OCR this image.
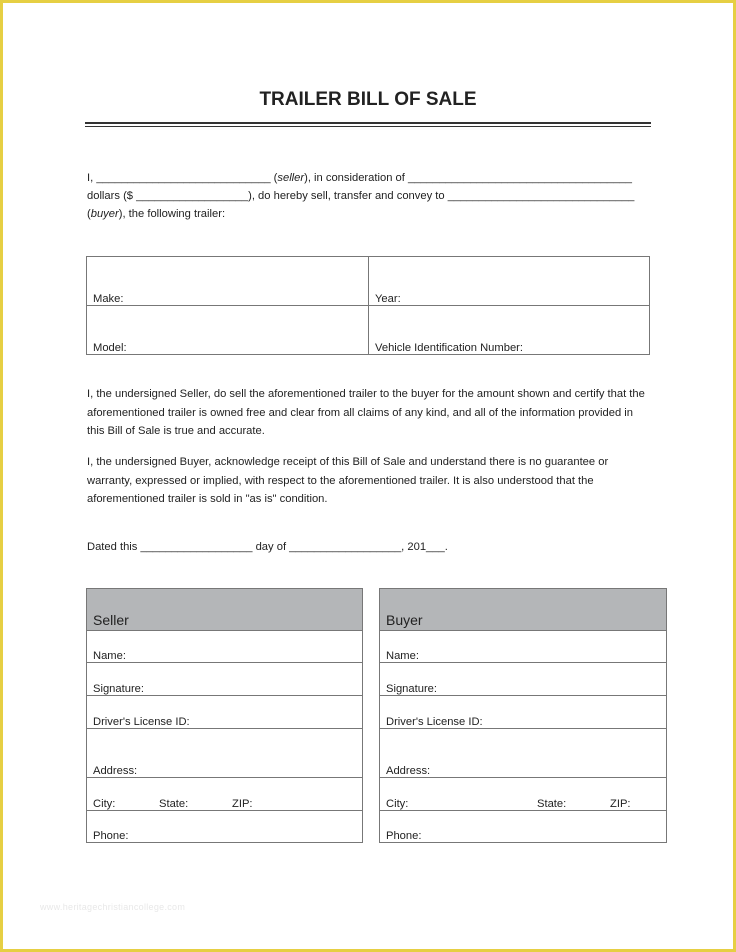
TRAILER BILL OF SALE
I, ____________________________ (seller), in consideration of ____________________________________
dollars ($ __________________), do hereby sell, transfer and convey to ______________________________
(buyer), the following trailer:
Make:	Year:
Model:	Vehicle Identification Number:
I, the undersigned Seller, do sell the aforementioned trailer to the buyer for the amount shown and certify that the aforementioned trailer is owned free and clear from all claims of any kind, and all of the information provided in this Bill of Sale is true and accurate.
I, the undersigned Buyer, acknowledge receipt of this Bill of Sale and understand there is no guarantee or warranty, expressed or implied, with respect to the aforementioned trailer. It is also understood that the aforementioned trailer is sold in "as is" condition.
Dated this __________________ day of __________________, 201___.
Seller
Name:
Signature:
Driver's License ID:
Address:
City:	State:	ZIP:
Phone:
Buyer
Name:
Signature:
Driver's License ID:
Address:
City:	State:	ZIP:
Phone:
www.heritagechristiancollege.com
